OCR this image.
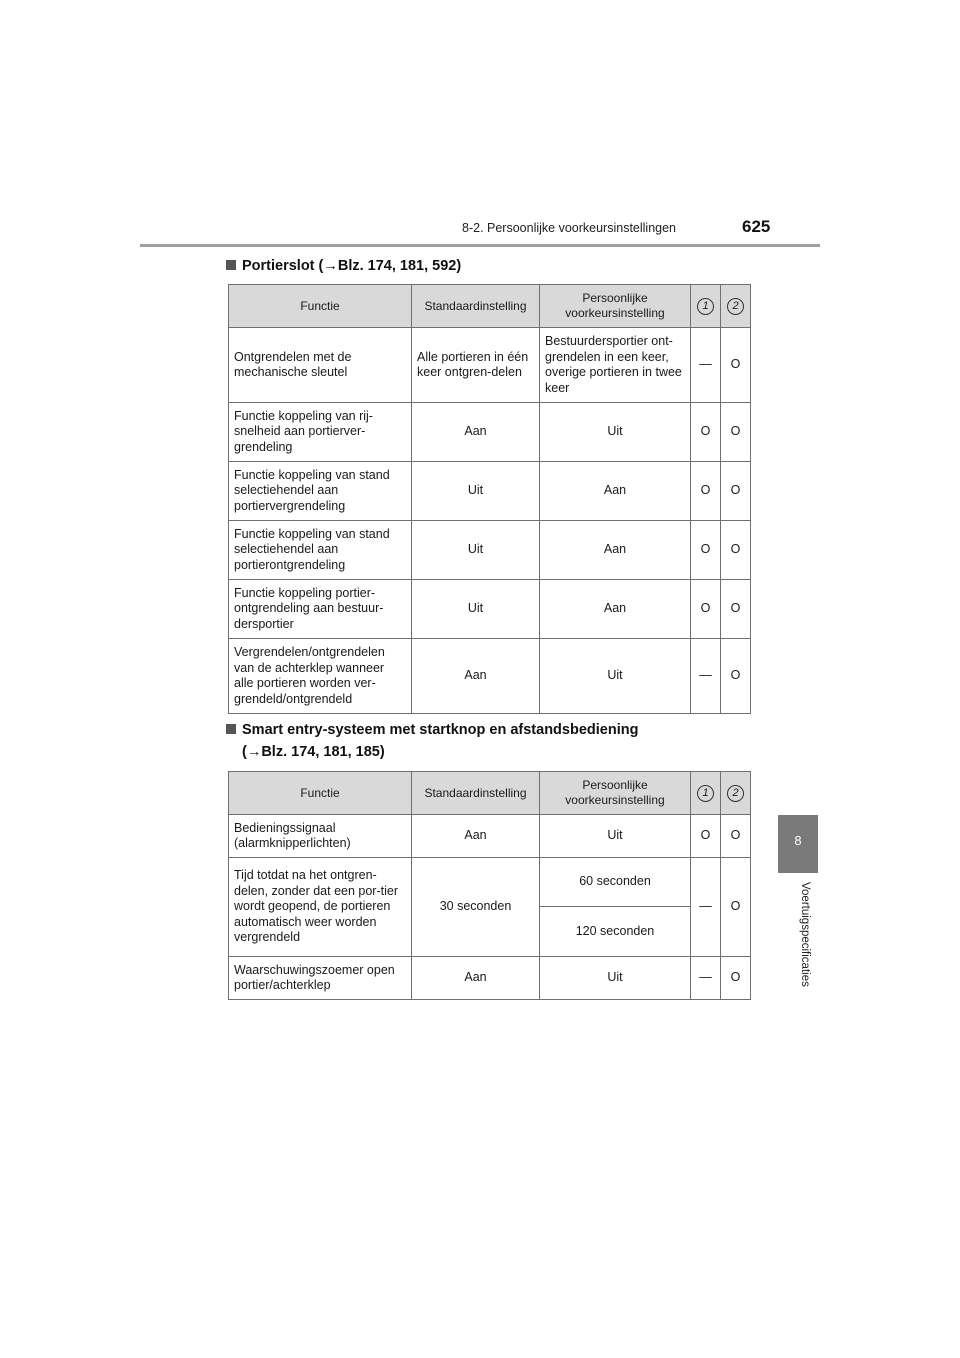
8-2. Persoonlijke voorkeursinstellingen	625
8
Voertuigspecificaties
Portierslot (→Blz. 174, 181, 592)
Functie	Standaardinstelling	Persoonlijke voorkeursinstelling	1	2
Ontgrendelen met de mechanische sleutel	Alle portieren in één keer ontgren-delen	Bestuurdersportier ont-grendelen in een keer, overige portieren in twee keer	—	O
Functie koppeling van rij-snelheid aan portierver-grendeling	Aan	Uit	O	O
Functie koppeling van stand selectiehendel aan portiervergrendeling	Uit	Aan	O	O
Functie koppeling van stand selectiehendel aan portierontgrendeling	Uit	Aan	O	O
Functie koppeling portier-ontgrendeling aan bestuur-dersportier	Uit	Aan	O	O
Vergrendelen/ontgrendelen van de achterklep wanneer alle portieren worden ver-grendeld/ontgrendeld	Aan	Uit	—	O
Smart entry-systeem met startknop en afstandsbediening
(→Blz. 174, 181, 185)
Functie	Standaardinstelling	Persoonlijke voorkeursinstelling	1	2
Bedieningssignaal (alarmknipperlichten)	Aan	Uit	O	O
Tijd totdat na het ontgren-delen, zonder dat een por-tier wordt geopend, de portieren automatisch weer worden vergrendeld	30 seconden	60 seconden	—	O
		120 seconden		
Waarschuwingszoemer open portier/achterklep	Aan	Uit	—	O
